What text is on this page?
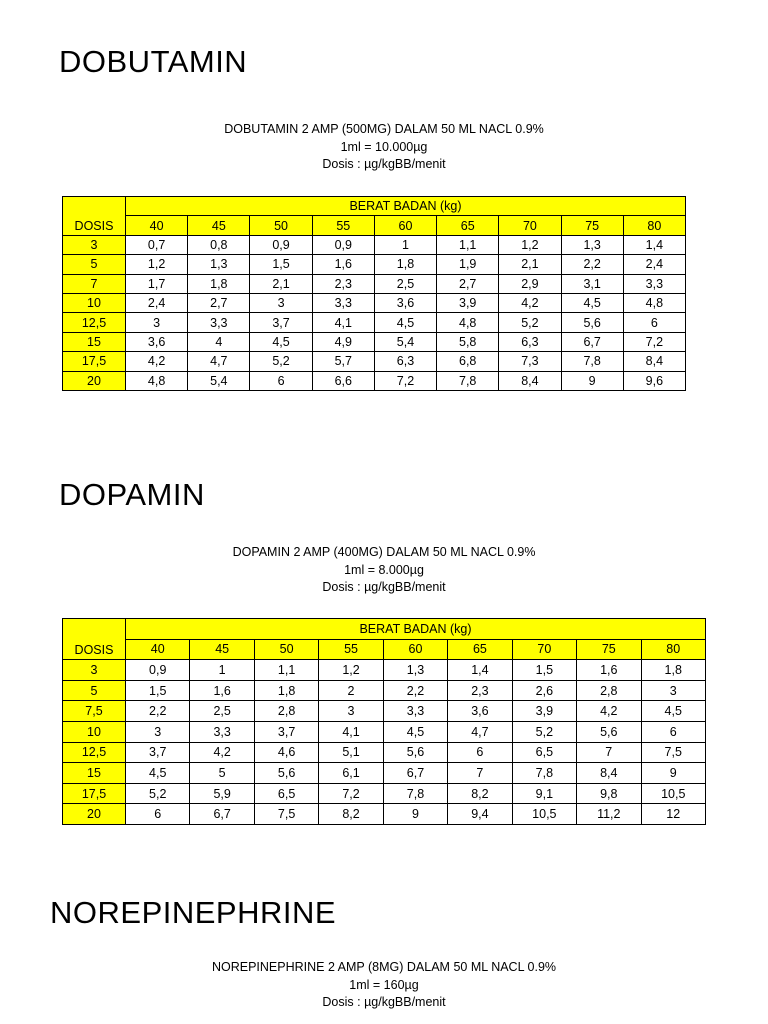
DOBUTAMIN
DOBUTAMIN 2 AMP (500MG) DALAM 50 ML NACL 0.9%
1ml = 10.000µg
Dosis : µg/kgBB/menit
DOSIS	BERAT BADAN (kg)								
	40	45	50	55	60	65	70	75	80
3	0,7	0,8	0,9	0,9	1	1,1	1,2	1,3	1,4
5	1,2	1,3	1,5	1,6	1,8	1,9	2,1	2,2	2,4
7	1,7	1,8	2,1	2,3	2,5	2,7	2,9	3,1	3,3
10	2,4	2,7	3	3,3	3,6	3,9	4,2	4,5	4,8
12,5	3	3,3	3,7	4,1	4,5	4,8	5,2	5,6	6
15	3,6	4	4,5	4,9	5,4	5,8	6,3	6,7	7,2
17,5	4,2	4,7	5,2	5,7	6,3	6,8	7,3	7,8	8,4
20	4,8	5,4	6	6,6	7,2	7,8	8,4	9	9,6
DOPAMIN
DOPAMIN 2 AMP (400MG) DALAM 50 ML NACL 0.9%
1ml = 8.000µg
Dosis : µg/kgBB/menit
DOSIS	BERAT BADAN (kg)								
	40	45	50	55	60	65	70	75	80
3	0,9	1	1,1	1,2	1,3	1,4	1,5	1,6	1,8
5	1,5	1,6	1,8	2	2,2	2,3	2,6	2,8	3
7,5	2,2	2,5	2,8	3	3,3	3,6	3,9	4,2	4,5
10	3	3,3	3,7	4,1	4,5	4,7	5,2	5,6	6
12,5	3,7	4,2	4,6	5,1	5,6	6	6,5	7	7,5
15	4,5	5	5,6	6,1	6,7	7	7,8	8,4	9
17,5	5,2	5,9	6,5	7,2	7,8	8,2	9,1	9,8	10,5
20	6	6,7	7,5	8,2	9	9,4	10,5	11,2	12
NOREPINEPHRINE
NOREPINEPHRINE 2 AMP (8MG) DALAM 50 ML NACL 0.9%
1ml = 160µg
Dosis : µg/kgBB/menit
